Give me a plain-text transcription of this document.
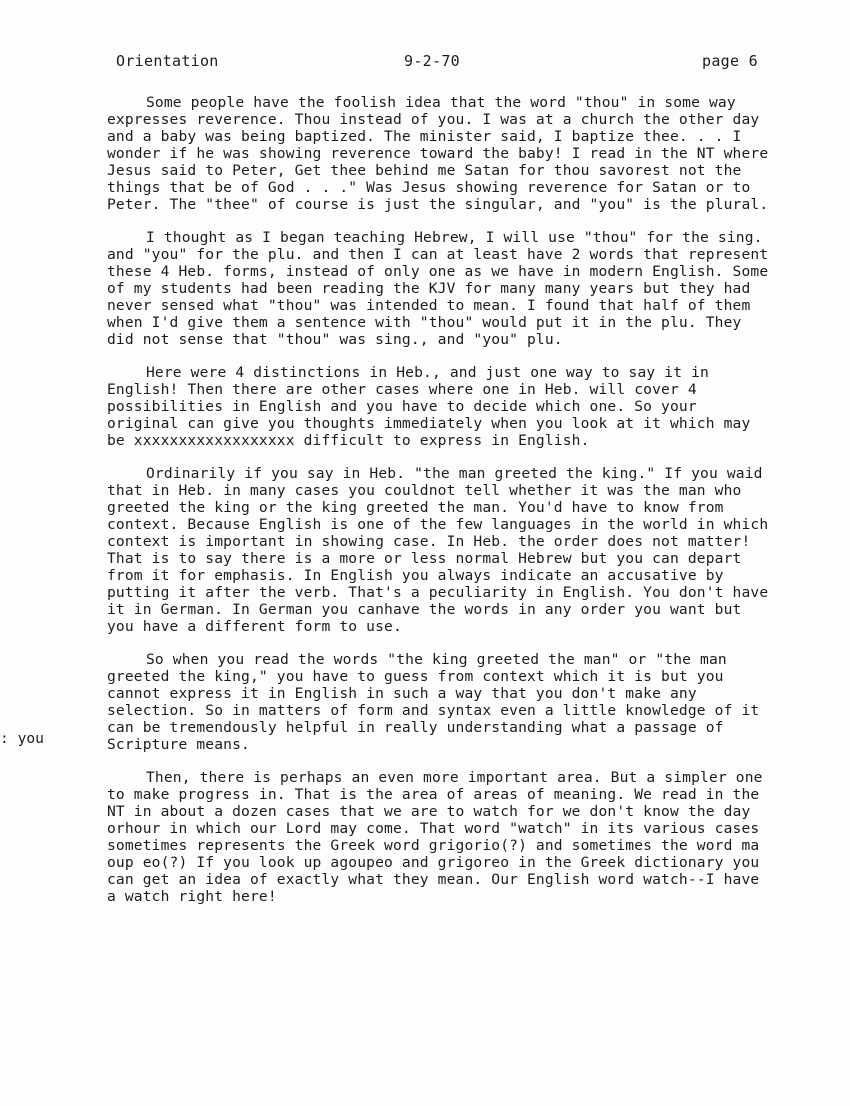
Orientation	9-2-70	page 6
: you

Some people have the foolish idea that the word "thou" in some way expresses reverence. Thou instead of you. I was at a church the other day and a baby was being baptized. The minister said, I baptize thee. . . I wonder if he was showing reverence toward the baby! I read in the NT where Jesus said to Peter, Get thee behind me Satan for thou savorest not the things that be of God . . ." Was Jesus showing reverence for Satan or to Peter. The "thee" of course is just the singular, and "you" is the plural.

I thought as I began teaching Hebrew, I will use "thou" for the sing. and "you" for the plu. and then I can at least have 2 words that represent these 4 Heb. forms, instead of only one as we have in modern English. Some of my students had been reading the KJV for many many years but they had never sensed what "thou" was intended to mean. I found that half of them when I'd give them a sentence with "thou" would put it in the plu. They did not sense that "thou" was sing., and "you" plu.

Here were 4 distinctions in Heb., and just one way to say it in English! Then there are other cases where one in Heb. will cover 4 possibilities in English and you have to decide which one. So your original can give you thoughts immediately when you look at it which may be xxxxxxxxxxxxxxxxxx difficult to express in English.

Ordinarily if you say in Heb. "the man greeted the king." If you waid that in Heb. in many cases you couldnot tell whether it was the man who greeted the king or the king greeted the man. You'd have to know from context. Because English is one of the few languages in the world in which context is important in showing case. In Heb. the order does not matter! That is to say there is a more or less normal Hebrew but you can depart from it for emphasis. In English you always indicate an accusative by putting it after the verb. That's a peculiarity in English. You don't have it in German. In German you canhave the words in any order you want but you have a different form to use.

So when you read the words "the king greeted the man" or "the man greeted the king," you have to guess from context which it is but you cannot express it in English in such a way that you don't make any selection. So in matters of form and syntax even a little knowledge of it can be tremendously helpful in really understanding what a passage of Scripture means.

Then, there is perhaps an even more important area. But a simpler one to make progress in. That is the area of areas of meaning. We read in the NT in about a dozen cases that we are to watch for we don't know the day orhour in which our Lord may come. That word "watch" in its various cases sometimes represents the Greek word grigorio(?) and sometimes the word ma oup eo(?) If you look up agoupeo and grigoreo in the Greek dictionary you can get an idea of exactly what they mean. Our English word watch--I have a watch right here!
